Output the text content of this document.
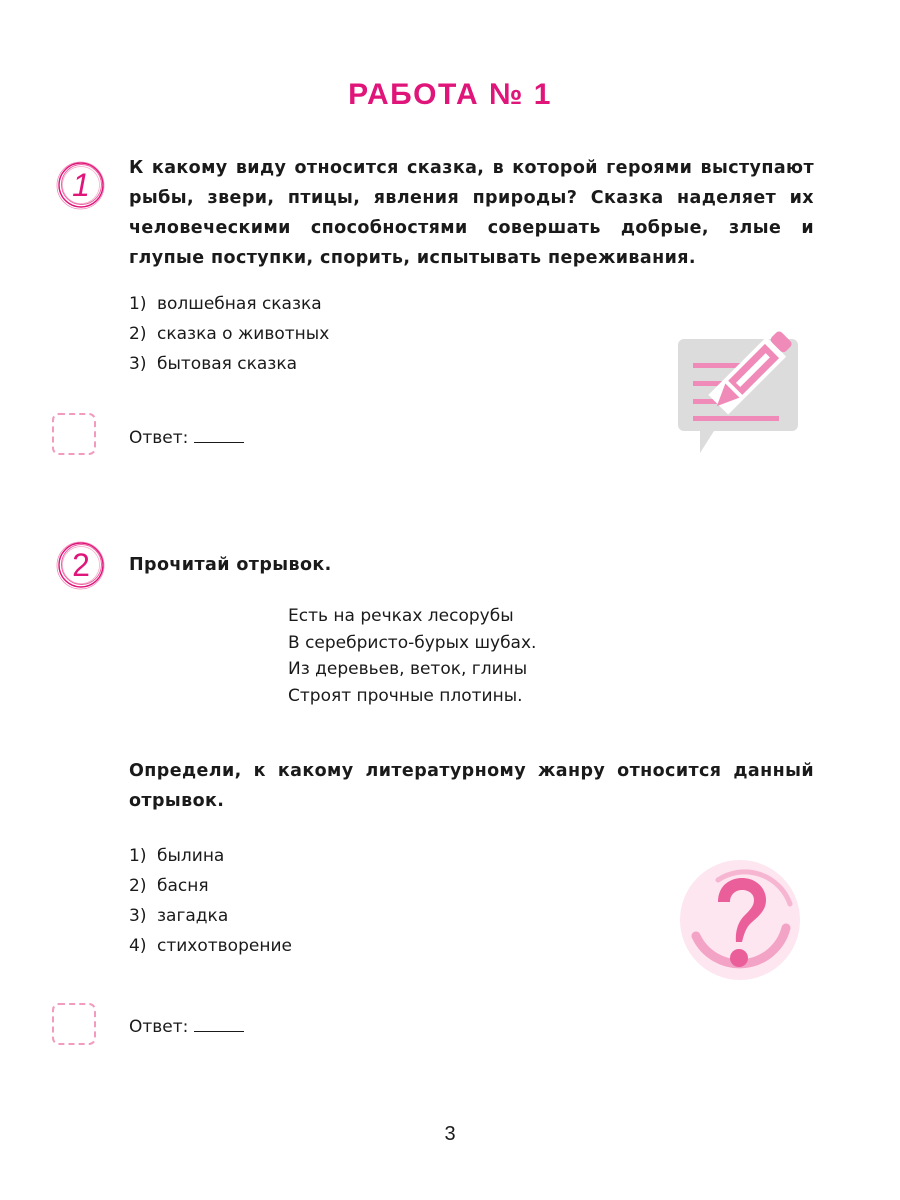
РАБОТА № 1
1	К какому виду относится сказка, в которой героями выступают рыбы, звери, птицы, явления природы? Сказка наделяет их человеческими способностями совершать добрые, злые и глупые поступки, спорить, испытывать переживания.
1) волшебная сказка
2) сказка о животных
3) бытовая сказка
Ответ:
2	Прочитай отрывок.
Есть на речках лесорубы
В серебристо-бурых шубах.
Из деревьев, веток, глины
Строят прочные плотины.
Определи, к какому литературному жанру относится данный отрывок.
1) былина
2) басня
3) загадка
4) стихотворение
Ответ:
3
